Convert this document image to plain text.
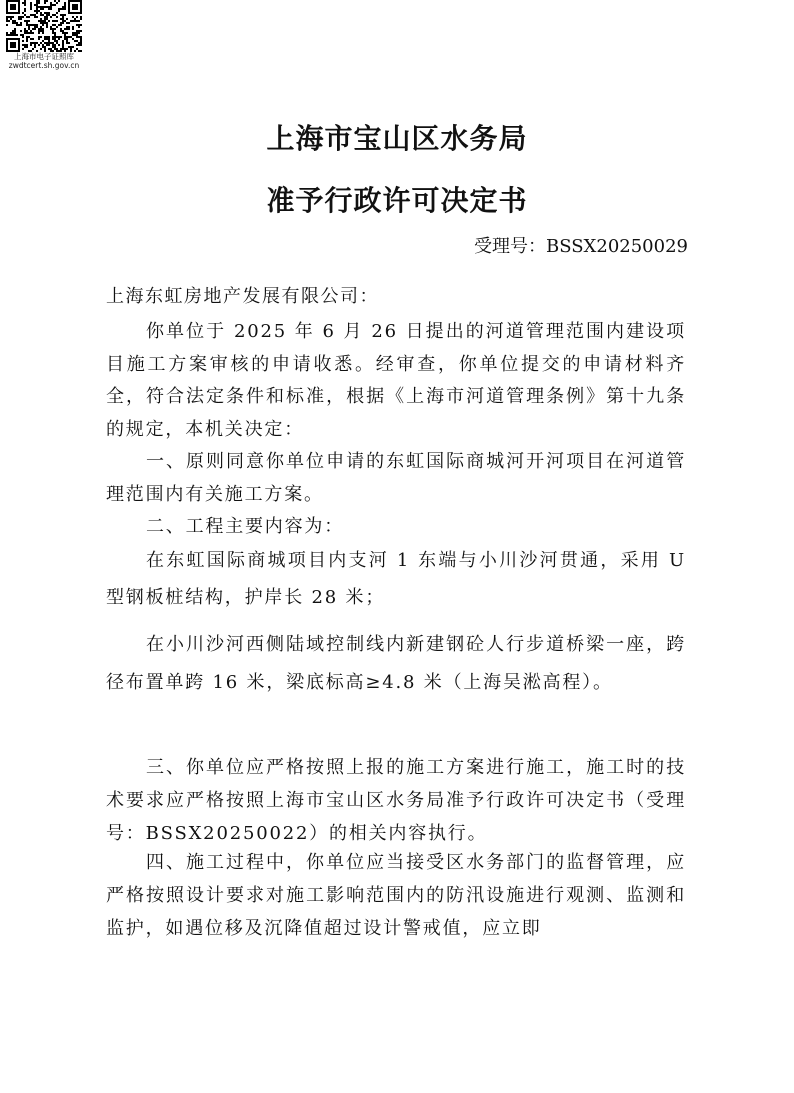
上海市电子证照库
zwdtcert.sh.gov.cn
上海市宝山区水务局
准予行政许可决定书
受理号：BSSX20250029
上海东虹房地产发展有限公司：

你单位于 2025 年 6 月 26 日提出的河道管理范围内建设项目施工方案审核的申请收悉。经审查，你单位提交的申请材料齐全，符合法定条件和标准，根据《上海市河道管理条例》第十九条的规定，本机关决定：

一、原则同意你单位申请的东虹国际商城河开河项目在河道管理范围内有关施工方案。

二、工程主要内容为：

在东虹国际商城项目内支河 1 东端与小川沙河贯通，采用 U 型钢板桩结构，护岸长 28 米；

在小川沙河西侧陆域控制线内新建钢砼人行步道桥梁一座，跨径布置单跨 16 米，梁底标高≥4.8 米（上海吴淞高程）。

三、你单位应严格按照上报的施工方案进行施工，施工时的技术要求应严格按照上海市宝山区水务局准予行政许可决定书（受理号：BSSX20250022）的相关内容执行。

四、施工过程中，你单位应当接受区水务部门的监督管理，应严格按照设计要求对施工影响范围内的防汛设施进行观测、监测和监护，如遇位移及沉降值超过设计警戒值，应立即
